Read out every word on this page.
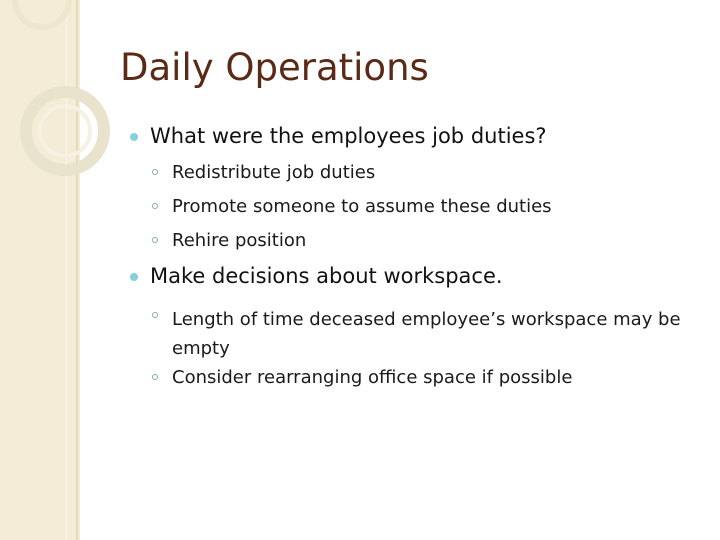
Daily Operations
What were the employees job duties?
Redistribute job duties
Promote someone to assume these duties
Rehire position
Make decisions about workspace.
Length of time deceased employee’s workspace may be empty
Consider rearranging office space if possible
